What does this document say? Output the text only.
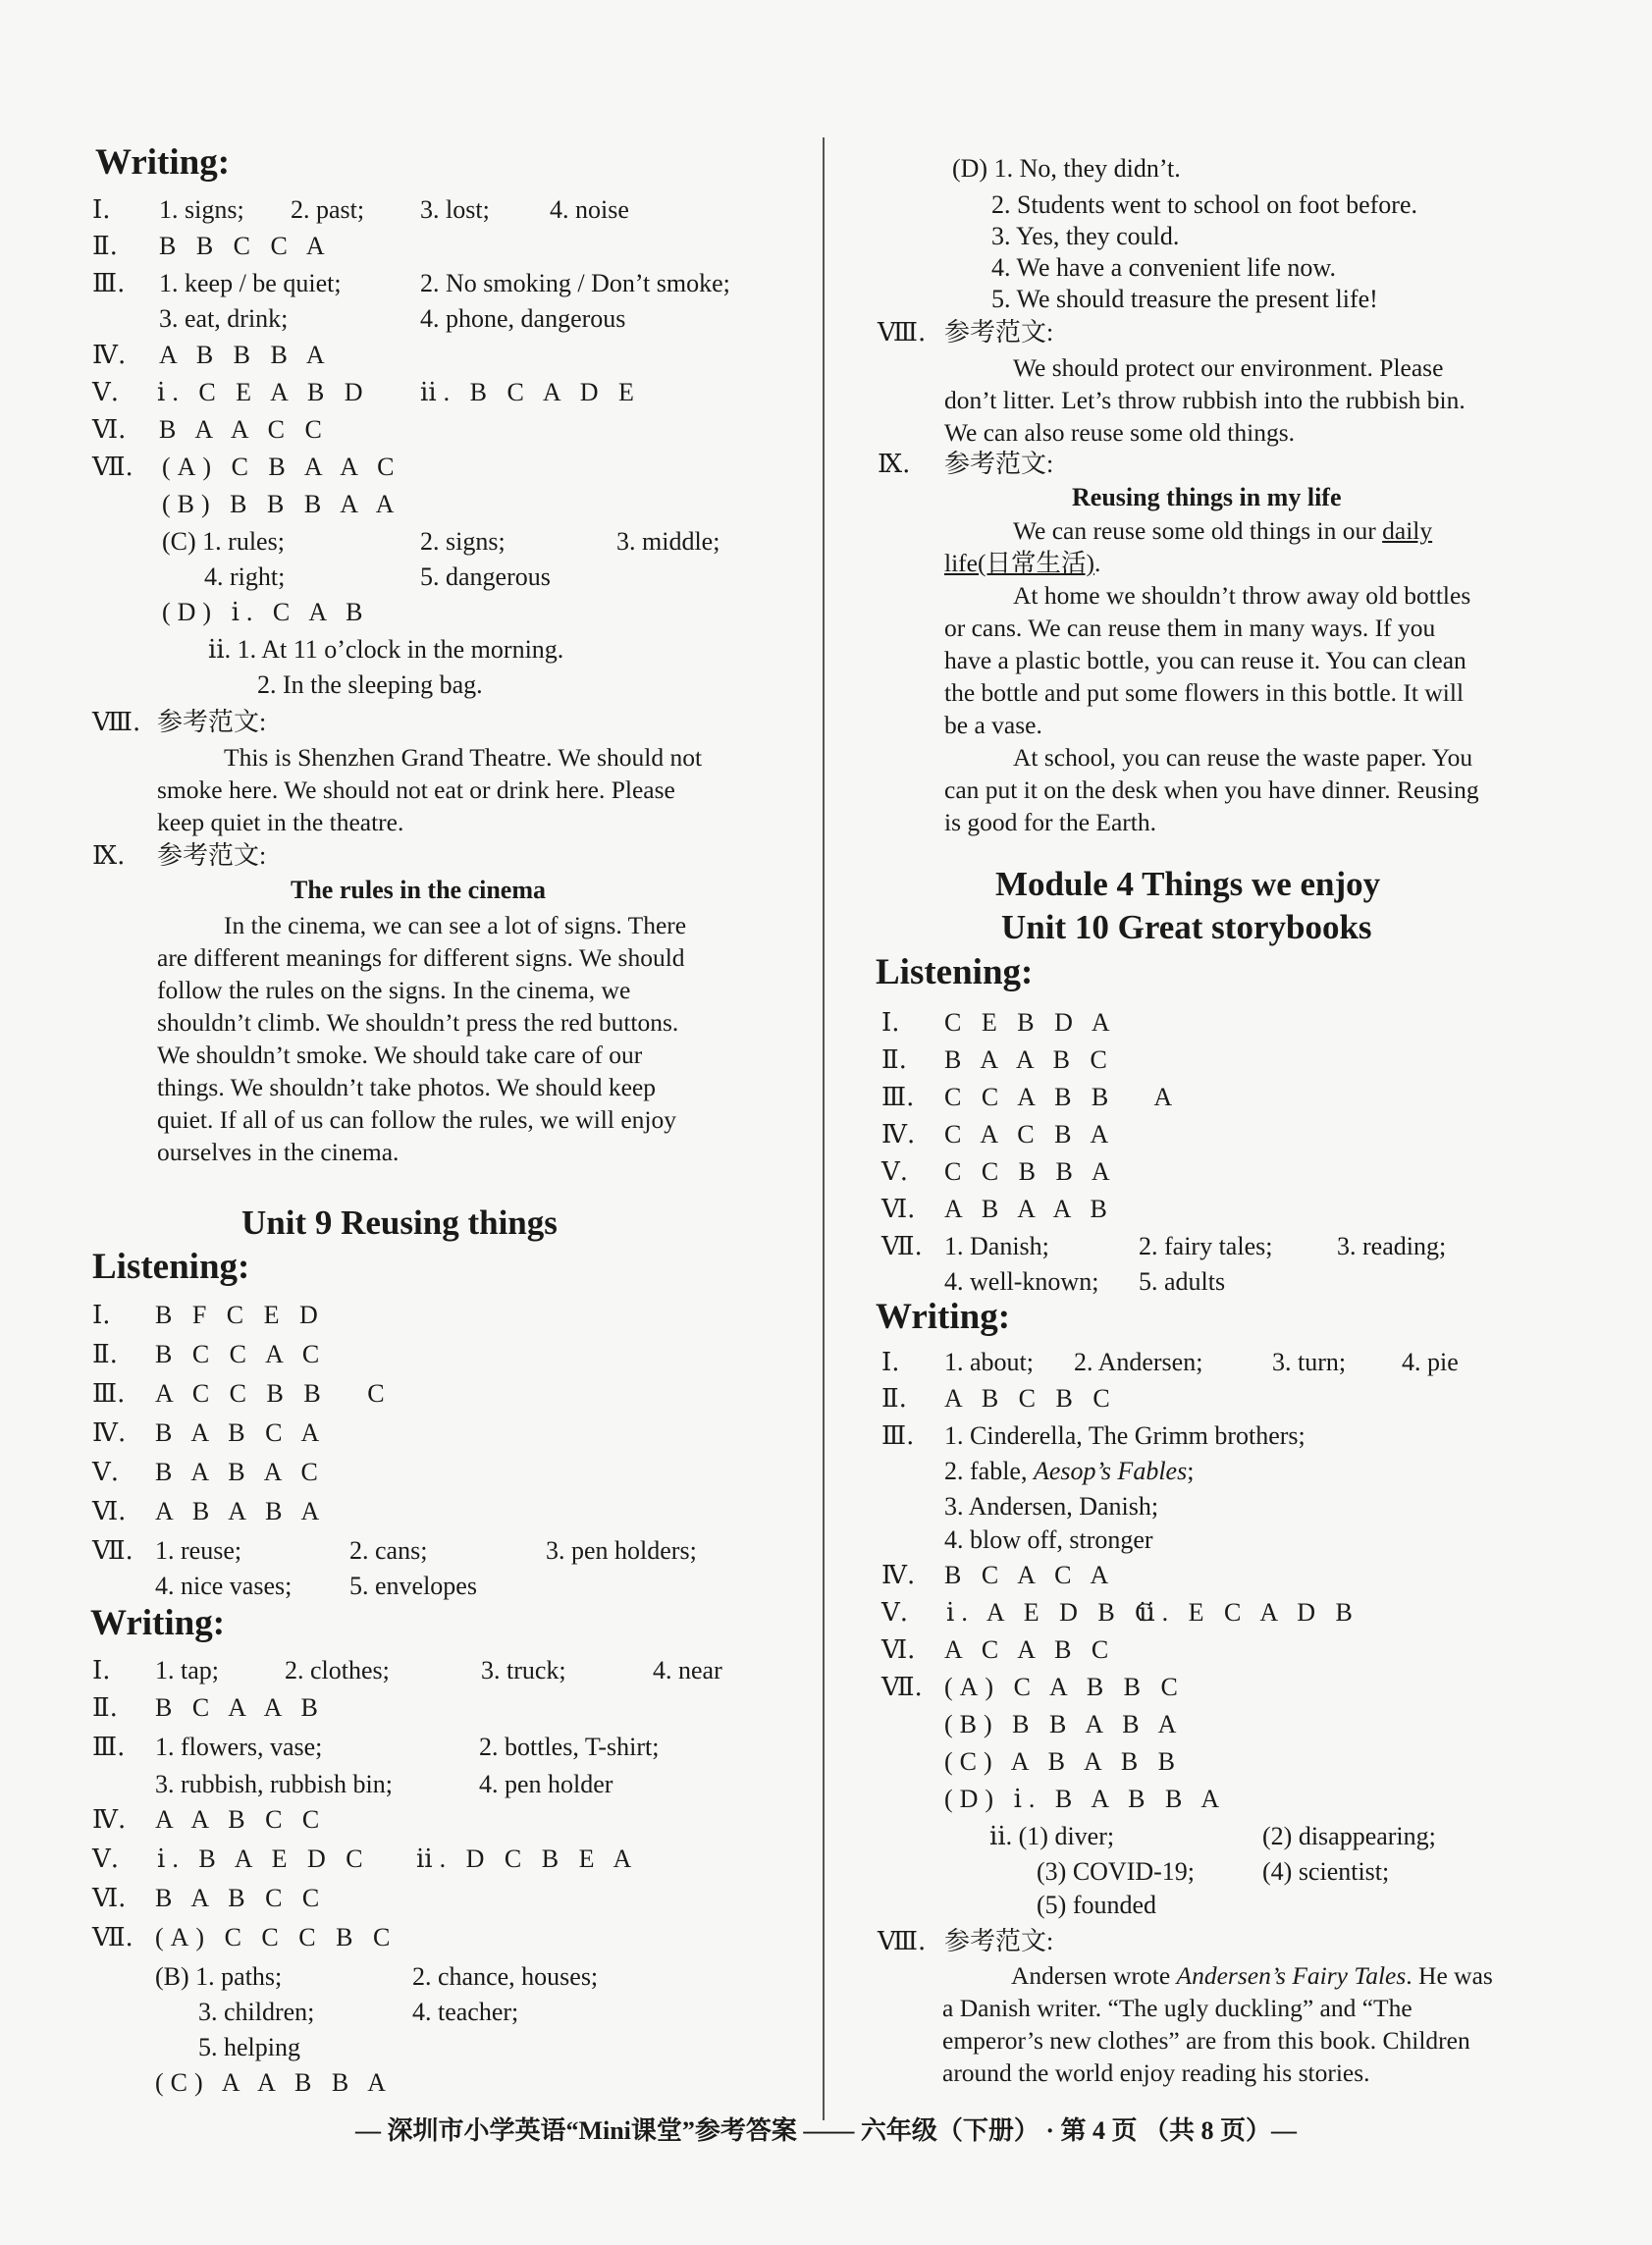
Writing:
Ⅰ. 1. signs; 2. past; 3. lost; 4. noise
Ⅱ. B B C C A
Ⅲ. 1. keep / be quiet;	2. No smoking / Don’t smoke;
3. eat, drink;	4. phone, dangerous
Ⅳ. A B B B A
Ⅴ. ⅰ. C E A B D ⅱ. B C A D E
Ⅵ. B A A C C
Ⅶ. (A) C B A A C
(B) B B B A A
(C) 1. rules;	2. signs;	3. middle;
4. right;	5. dangerous
(D) ⅰ. C A B
ⅱ. 1. At 11 o’clock in the morning.
2. In the sleeping bag.
Ⅷ. 参考范文:
This is Shenzhen Grand Theatre. We should not
smoke here. We should not eat or drink here. Please
keep quiet in the theatre.
Ⅸ. 参考范文:
The rules in the cinema
In the cinema, we can see a lot of signs. There
are different meanings for different signs. We should
follow the rules on the signs. In the cinema, we
shouldn’t climb. We shouldn’t press the red buttons.
We shouldn’t smoke. We should take care of our
things. We shouldn’t take photos. We should keep
quiet. If all of us can follow the rules, we will enjoy
ourselves in the cinema.
Unit 9 Reusing things
Listening:
Ⅰ. B F C E D
Ⅱ. B C C A C
Ⅲ. A C C B B   C
Ⅳ. B A B C A
Ⅴ. B A B A C
Ⅵ. A B A B A
Ⅶ. 1. reuse;	2. cans;	3. pen holders;
4. nice vases; 5. envelopes
Writing:
Ⅰ. 1. tap;	2. clothes;	3. truck;	4. near
Ⅱ. B C A A B
Ⅲ. 1. flowers, vase;	2. bottles, T-shirt;
3. rubbish, rubbish bin;	4. pen holder
Ⅳ. A A B C C
Ⅴ. ⅰ. B A E D C ⅱ. D C B E A
Ⅵ. B A B C C
Ⅶ. (A) C C C B C
(B) 1. paths;	2. chance, houses;
3. children;	4. teacher;
5. helping
(C) A A B B A
(D) 1. No, they didn’t.
2. Students went to school on foot before.
3. Yes, they could.
4. We have a convenient life now.
5. We should treasure the present life!
Ⅷ. 参考范文:
We should protect our environment. Please
don’t litter. Let’s throw rubbish into the rubbish bin.
We can also reuse some old things.
Ⅸ. 参考范文:
Reusing things in my life
We can reuse some old things in our daily
life(日常生活).
At home we shouldn’t throw away old bottles
or cans. We can reuse them in many ways. If you
have a plastic bottle, you can reuse it. You can clean
the bottle and put some flowers in this bottle. It will
be a vase.
At school, you can reuse the waste paper. You
can put it on the desk when you have dinner. Reusing
is good for the Earth.
Module 4 Things we enjoy
Unit 10 Great storybooks
Listening:
Ⅰ. C E B D A
Ⅱ. B A A B C
Ⅲ. C C A B B   A
Ⅳ. C A C B A
Ⅴ. C C B B A
Ⅵ. A B A A B
Ⅶ. 1. Danish;	2. fairy tales;	3. reading;
4. well-known; 5. adults
Writing:
Ⅰ. 1. about; 2. Andersen;	3. turn; 4. pie
Ⅱ. A B C B C
Ⅲ. 1. Cinderella, The Grimm brothers;
2. fable, Aesop’s Fables;
3. Andersen, Danish;
4. blow off, stronger
Ⅳ. B C A C A
Ⅴ. ⅰ. A E D B C
ⅱ. E C A D B
Ⅵ. A C A B C
Ⅶ. (A) C A B B C
(B) B B A B A
(C) A B A B B
(D) ⅰ. B A B B A
ⅱ. (1) diver;	(2) disappearing;
(3) COVID-19;	(4) scientist;
(5) founded
Ⅷ. 参考范文:
Andersen wrote Andersen’s Fairy Tales. He was
a Danish writer. “The ugly duckling” and “The
emperor’s new clothes” are from this book. Children
around the world enjoy reading his stories.
— 深圳市小学英语“Mini课堂”参考答案 —— 六年级（下册） · 第 4 页 （共 8 页）—
